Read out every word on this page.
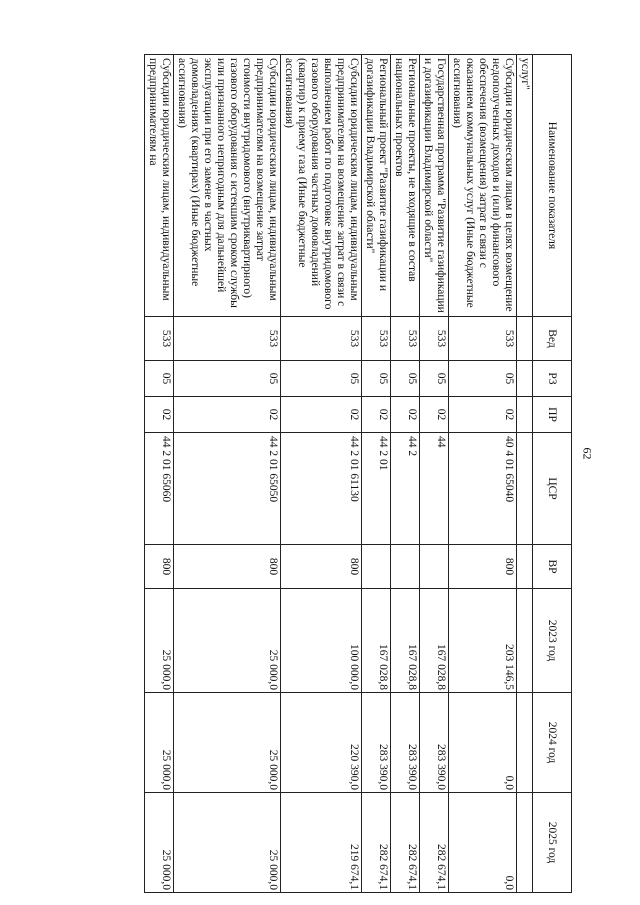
62
Наименование показателя	Вед	РЗ	ПР	ЦСР	ВР	2023 год	2024 год	2025 год
услуг"								
Субсидии юридическим лицам в целях возмещение недополученных доходов и (или) финансового обеспечения (возмещения) затрат в связи с оказанием коммунальных услуг (Иные бюджетные ассигнования)	533	05	02	40 4 01 65040	800	203 146,5	0,0	0,0
Государственная программа "Развитие газификации и догазификации Владимирской области"	533	05	02	44		167 028,8	283 390,0	282 674,1
Региональные проекты, не входящие в состав национальных проектов	533	05	02	44 2		167 028,8	283 390,0	282 674,1
Региональный проект "Развитие газификации и догазификации Владимирской области"	533	05	02	44 2 01		167 028,8	283 390,0	282 674,1
Субсидии юридическим лицам, индивидуальным предпринимателям на возмещение затрат в связи с выполнением работ по подготовке внутридомового газового оборудования частных домовладений (квартир) к приему газа (Иные бюджетные ассигнования)	533	05	02	44 2 01 61130	800	100 000,0	220 390,0	219 674,1
Субсидии юридическим лицам, индивидуальным предпринимателям на возмещение затрат стоимости внутридомового (внутриквартирного) газового оборудования с истекшим сроком службы или признанного непригодным для дальнейшей эксплуатации при его замене в частных домовладениях (квартирах) (Иные бюджетные ассигнования)	533	05	02	44 2 01 65050	800	25 000,0	25 000,0	25 000,0
Субсидии юридическим лицам, индивидуальным предпринимателям на	533	05	02	44 2 01 65060	800	25 000,0	25 000,0	25 000,0
